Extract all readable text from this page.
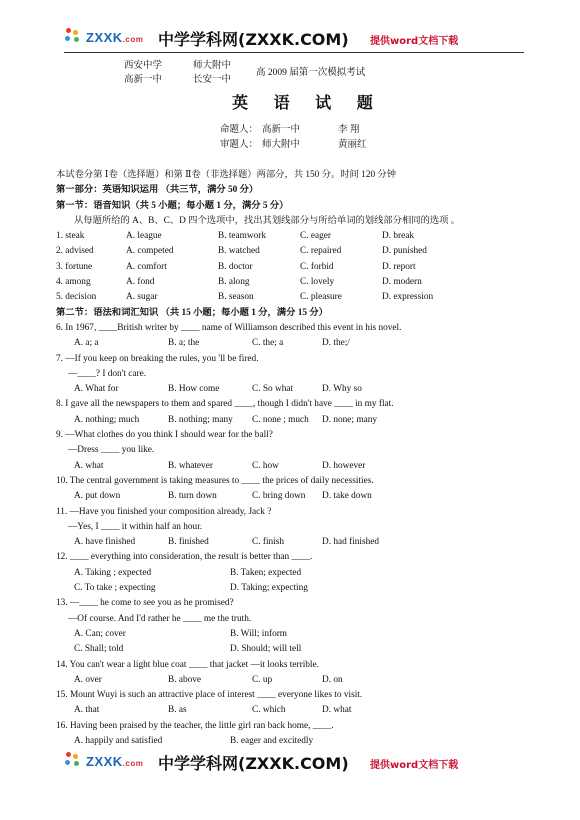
ZXXK.com 中学学科网(ZXXK.COM) 提供word文档下载
西安中学	师大附中
高新一中	长安一中
高 2009 届第一次模拟考试
英 语 试 题
命题人： 高新一中	李 翔
审题人： 师大附中	黄丽红
本试卷分第 Ⅰ卷（选择题）和第 Ⅱ卷（非选择题）两部分，共 150 分。时间 120 分钟
第一部分：英语知识运用 （共三节，满分 50 分）
第一节：语音知识（共 5 小题；每小题 1 分，满分 5 分）
从每题所给的 A、B、C、D 四个选项中，找出其划线部分与所给单词的划线部分相同的选项 。
1. steak	A. league	B. teamwork	C. eager	D. break
2. advised	A. competed	B. watched	C. repaired	D. punished
3. fortune	A. comfort	B. doctor	C. forbid	D. report
4. among	A. fond	B. along	C. lovely	D. modern
5. decision	A. sugar	B. season	C. pleasure	D. expression
第二节：语法和词汇知识 （共 15 小题；每小题 1 分，满分 15 分）
6. In 1967, ____British writer by ____ name of Williamson described this event in his novel.
A. a; a	B. a; the	C. the; a	D. the;/
7. —If you keep on breaking the rules, you 'll be fired.
—____? I don't care.
A. What for	B. How come	C. So what	D. Why so
8. I gave all the newspapers to them and spared ____, though I didn't have ____ in my flat.
A. nothing; much	B. nothing; many C. none ; much D. none; many
9. —What clothes do you think I should wear for the ball?
—Dress ____ you like.
A. what	B. whatever	C. how	D. however
10. The central government is taking measures to ____ the prices of daily necessities.
A. put down	B. turn down	C. bring down D. take down
11. —Have you finished your composition already, Jack ?
—Yes, I ____ it within half an hour.
A. have finished	B. finished	C. finish	D. had finished
12. ____ everything into consideration, the result is better than ____.
A. Taking ; expected	B. Taken; expected
C. To take ; expecting	D. Taking; expecting
13. —____ he come to see you as he promised?
—Of course. And I'd rather he ____ me the truth.
A. Can; cover	B. Will; inform
C. Shall; told	D. Should; will tell
14. You can't wear a light blue coat ____ that jacket —it looks terrible.
A. over	B. above	C. up	D. on
15. Mount Wuyi is such an attractive place of interest ____ everyone likes to visit.
A. that	B. as	C. which	D. what
16. Having been praised by the teacher, the little girl ran back home, ____.
A. happily and satisfied	B. eager and excitedly
ZXXK.com 中学学科网(ZXXK.COM) 提供word文档下载
